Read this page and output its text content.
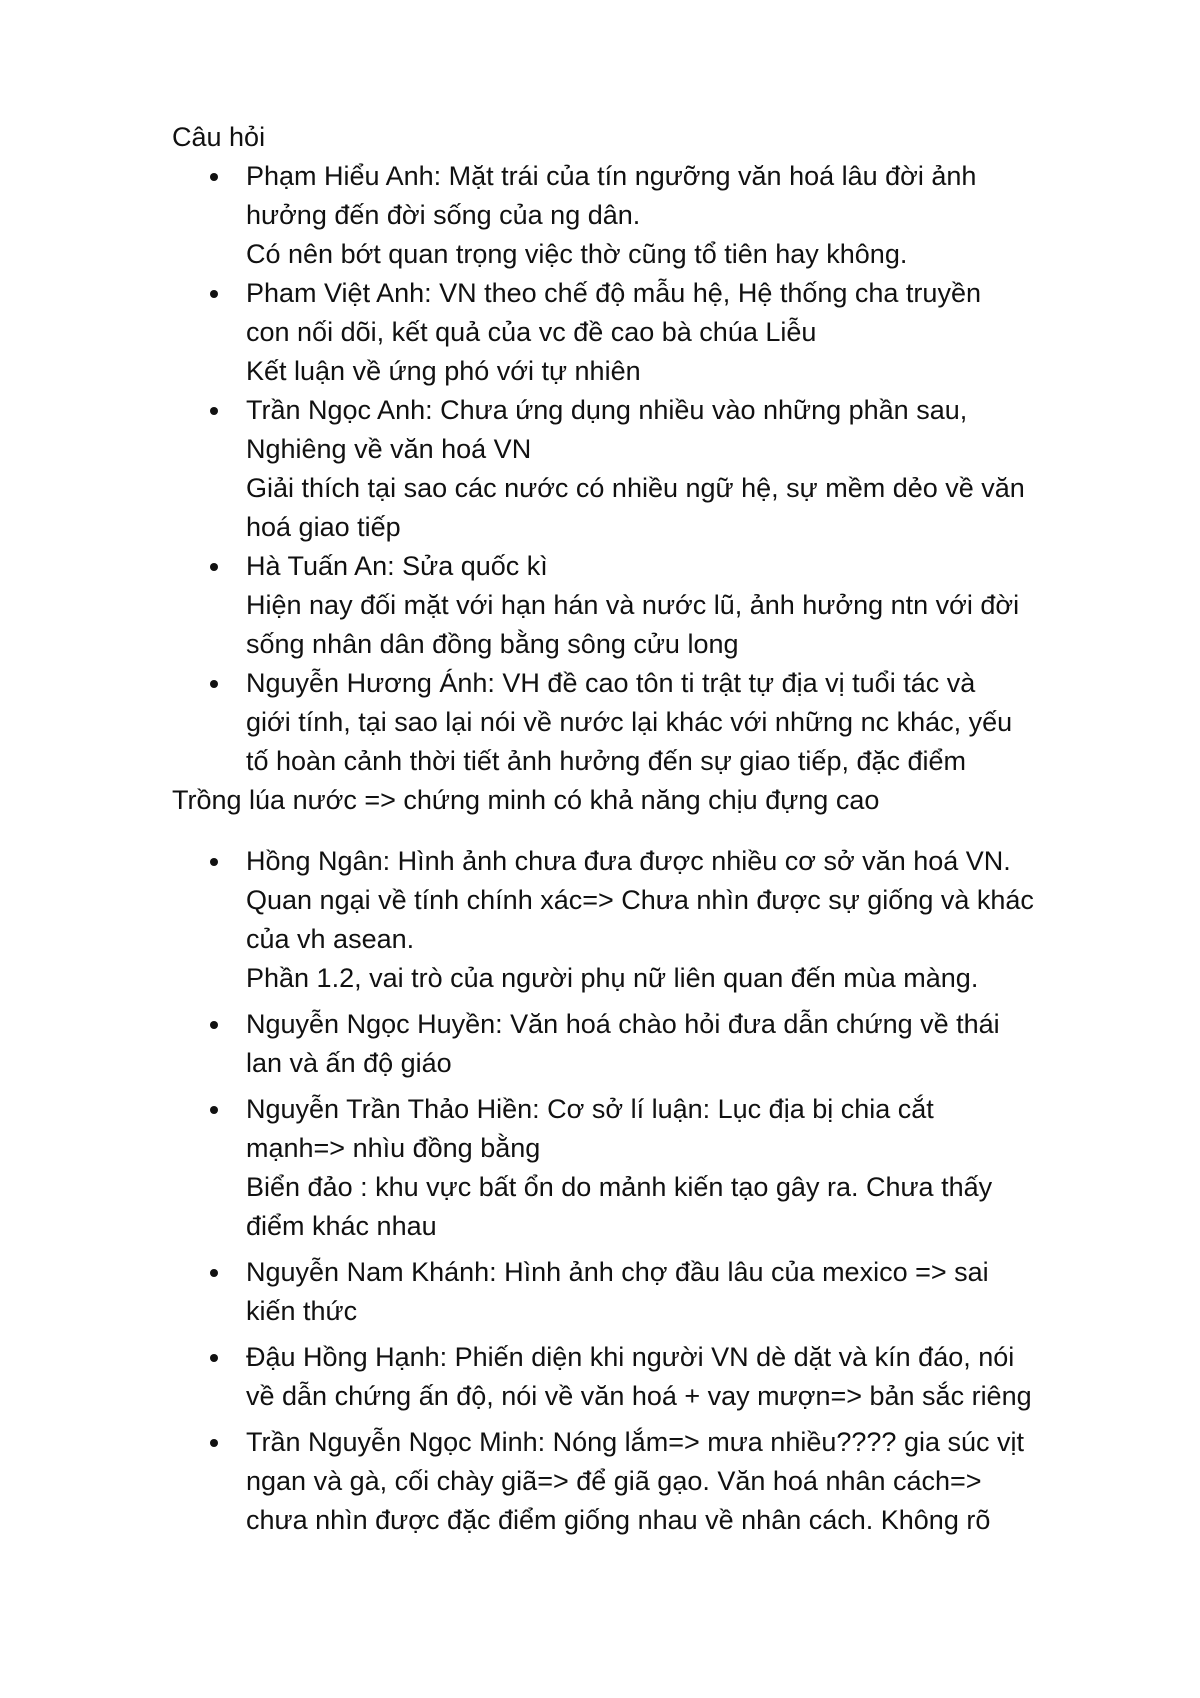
Câu hỏi

Phạm Hiểu Anh: Mặt trái của tín ngưỡng văn hoá lâu đời ảnh
hưởng đến đời sống của ng dân.
Có nên bớt quan trọng việc thờ cũng tổ tiên hay không.
Pham Việt Anh: VN theo chế độ mẫu hệ, Hệ thống cha truyền
con nối dõi, kết quả của vc đề cao bà chúa Liễu
Kết luận về ứng phó với tự nhiên
Trần Ngọc Anh: Chưa ứng dụng nhiều vào những phần sau,
Nghiêng về văn hoá VN
Giải thích tại sao các nước có nhiều ngữ hệ, sự mềm dẻo về văn
hoá giao tiếp
Hà Tuấn An: Sửa quốc kì
Hiện nay đối mặt với hạn hán và nước lũ, ảnh hưởng ntn với đời
sống nhân dân đồng bằng sông cửu long
Nguyễn Hương Ánh: VH đề cao tôn ti trật tự địa vị tuổi tác và
giới tính, tại sao lại nói về nước lại khác với những nc khác, yếu
tố hoàn cảnh thời tiết ảnh hưởng đến sự giao tiếp, đặc điểm

Trồng lúa nước => chứng minh có khả năng chịu đựng cao

Hồng Ngân: Hình ảnh chưa đưa được nhiều cơ sở văn hoá VN.
Quan ngại về tính chính xác=> Chưa nhìn được sự giống và khác
của vh asean.
Phần 1.2, vai trò của người phụ nữ liên quan đến mùa màng.
Nguyễn Ngọc Huyền: Văn hoá chào hỏi đưa dẫn chứng về thái
lan và ấn độ giáo
Nguyễn Trần Thảo Hiền: Cơ sở lí luận: Lục địa bị chia cắt
mạnh=> nhìu đồng bằng
Biển đảo : khu vực bất ổn do mảnh kiến tạo gây ra. Chưa thấy
điểm khác nhau
Nguyễn Nam Khánh: Hình ảnh chợ đầu lâu của mexico => sai
kiến thức
Đậu Hồng Hạnh: Phiến diện khi người VN dè dặt và kín đáo, nói
về dẫn chứng ấn độ, nói về văn hoá + vay mượn=> bản sắc riêng
Trần Nguyễn Ngọc Minh: Nóng lắm=> mưa nhiều???? gia súc vịt
ngan và gà, cối chày giã=> để giã gạo. Văn hoá nhân cách=>
chưa nhìn được đặc điểm giống nhau về nhân cách. Không rõ
